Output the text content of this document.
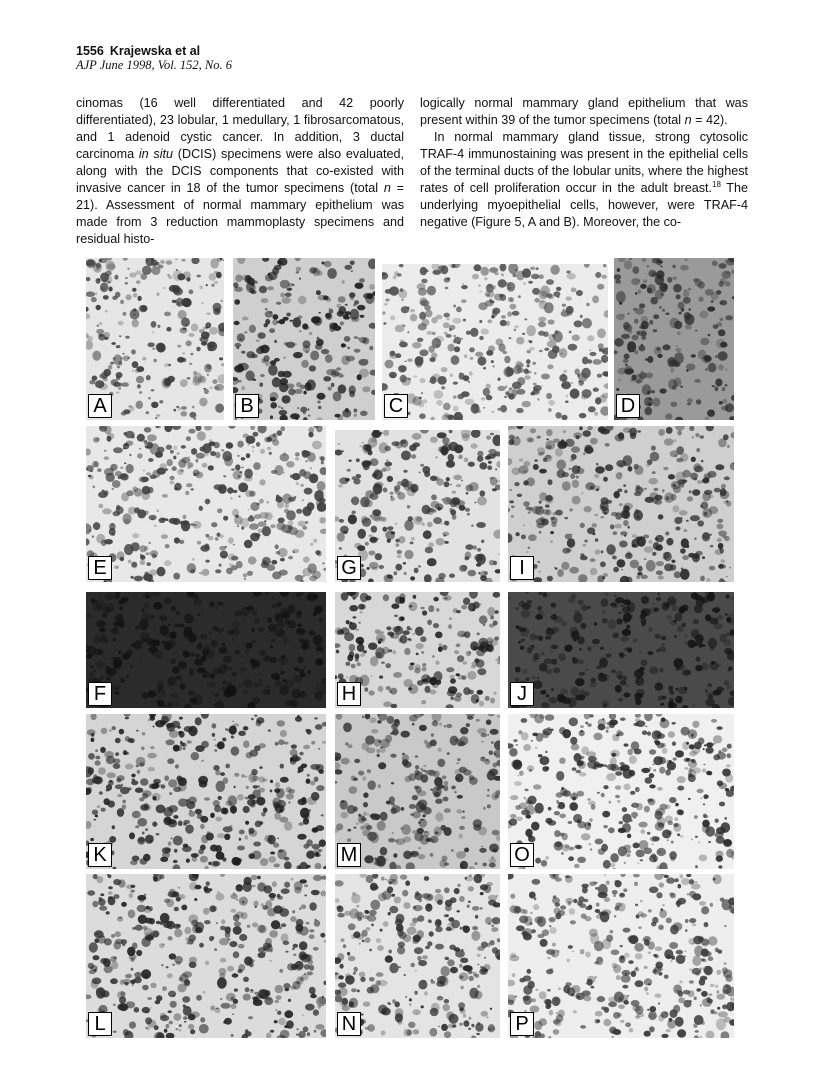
1556 Krajewska et al
AJP June 1998, Vol. 152, No. 6

cinomas (16 well differentiated and 42 poorly differentiated), 23 lobular, 1 medullary, 1 fibrosarcomatous, and 1 adenoid cystic cancer. In addition, 3 ductal carcinoma in situ (DCIS) specimens were also evaluated, along with the DCIS components that co-existed with invasive cancer in 18 of the tumor specimens (total n = 21). Assessment of normal mammary epithelium was made from 3 reduction mammoplasty specimens and residual histo-

logically normal mammary gland epithelium that was present within 39 of the tumor specimens (total n = 42).

In normal mammary gland tissue, strong cytosolic TRAF-4 immunostaining was present in the epithelial cells of the terminal ducts of the lobular units, where the highest rates of cell proliferation occur in the adult breast.$^{18}$ The underlying myoepithelial cells, however, were TRAF-4 negative (Figure 5, A and B). Moreover, the co-

A	B	C	D
E	G	I
F	H	J
K	M	O
L	N	P
